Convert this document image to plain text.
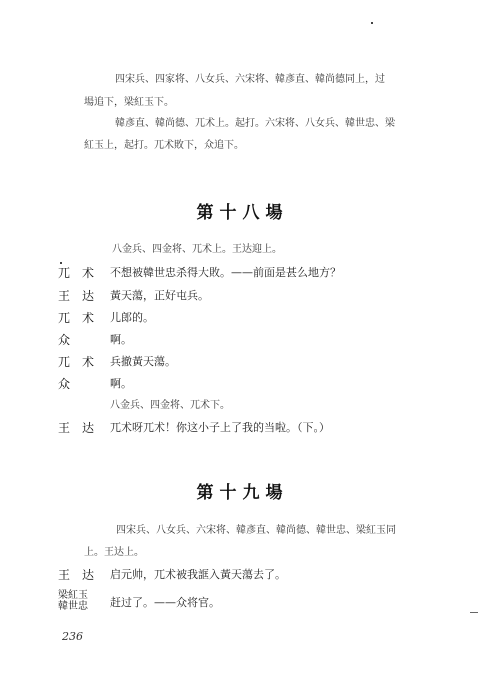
四宋兵、四家将、八女兵、六宋将、韓彥直、韓尚德同上，过
場追下，梁紅玉下。
韓彥直、韓尚德、兀术上。起打。六宋将、八女兵、韓世忠、梁
紅玉上，起打。兀术敗下，众追下。
第十八場
八金兵、四金将、兀术上。王达迎上。
兀术 不想被韓世忠杀得大敗。——前面是甚么地方？
王达 黃天蕩，正好屯兵。
兀术 儿郎的。
众	啊。
兀术 兵撤黃天蕩。
众	啊。
八金兵、四金将、兀术下。
王达 兀术呀兀术！你这小子上了我的当啦。（下。）
第十九場
四宋兵、八女兵、六宋将、韓彥直、韓尚德、韓世忠、梁紅玉同
上。王达上。
王达 启元帅，兀术被我誆入黃天蕩去了。
梁紅玉
韓世忠 赶过了。——众将官。
236
